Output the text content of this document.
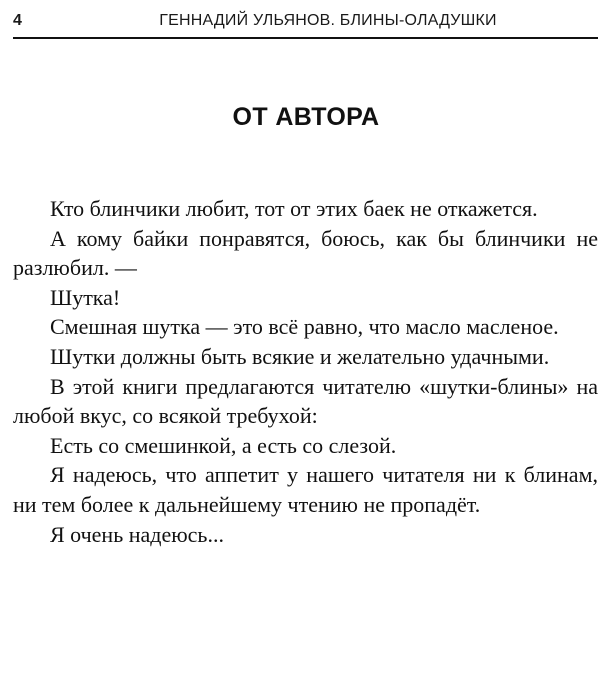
4	ГЕННАДИЙ УЛЬЯНОВ. БЛИНЫ-ОЛАДУШКИ
ОТ АВТОРА

Кто блинчики любит, тот от этих баек не откажется.

А кому байки понравятся, боюсь, как бы блинчики не разлюбил. —

Шутка!

Смешная шутка — это всё равно, что масло масленое.

Шутки должны быть всякие и желательно удачными.

В этой книги предлагаются читателю «шутки-блины» на любой вкус, со всякой требухой:

Есть со смешинкой, а есть со слезой.

Я надеюсь, что аппетит у нашего читателя ни к блинам, ни тем более к дальнейшему чтению не пропадёт.

Я очень надеюсь...
